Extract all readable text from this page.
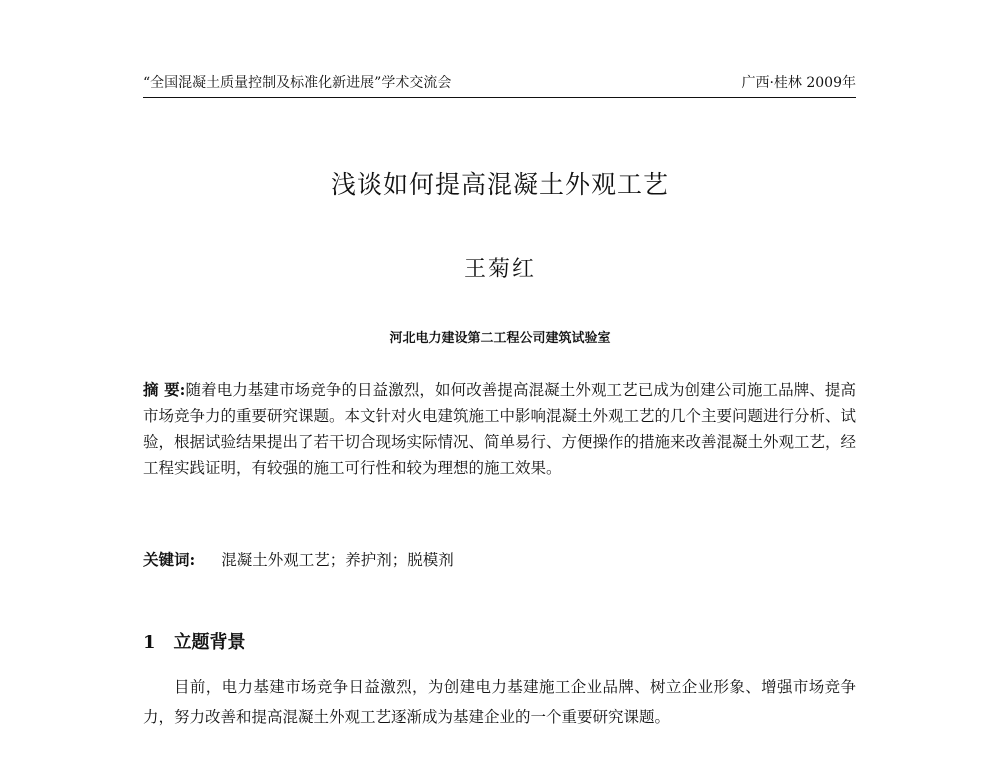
“全国混凝土质量控制及标准化新进展”学术交流会	广西·桂林 2009年
浅谈如何提高混凝土外观工艺
王菊红
河北电力建设第二工程公司建筑试验室
摘 要:随着电力基建市场竞争的日益激烈，如何改善提高混凝土外观工艺已成为创建公司施工品牌、提高市场竞争力的重要研究课题。本文针对火电建筑施工中影响混凝土外观工艺的几个主要问题进行分析、试验，根据试验结果提出了若干切合现场实际情况、简单易行、方便操作的措施来改善混凝土外观工艺，经工程实践证明，有较强的施工可行性和较为理想的施工效果。
关键词: 混凝土外观工艺；养护剂；脱模剂
1 立题背景
目前，电力基建市场竞争日益激烈，为创建电力基建施工企业品牌、树立企业形象、增强市场竞争力，努力改善和提高混凝土外观工艺逐渐成为基建企业的一个重要研究课题。
